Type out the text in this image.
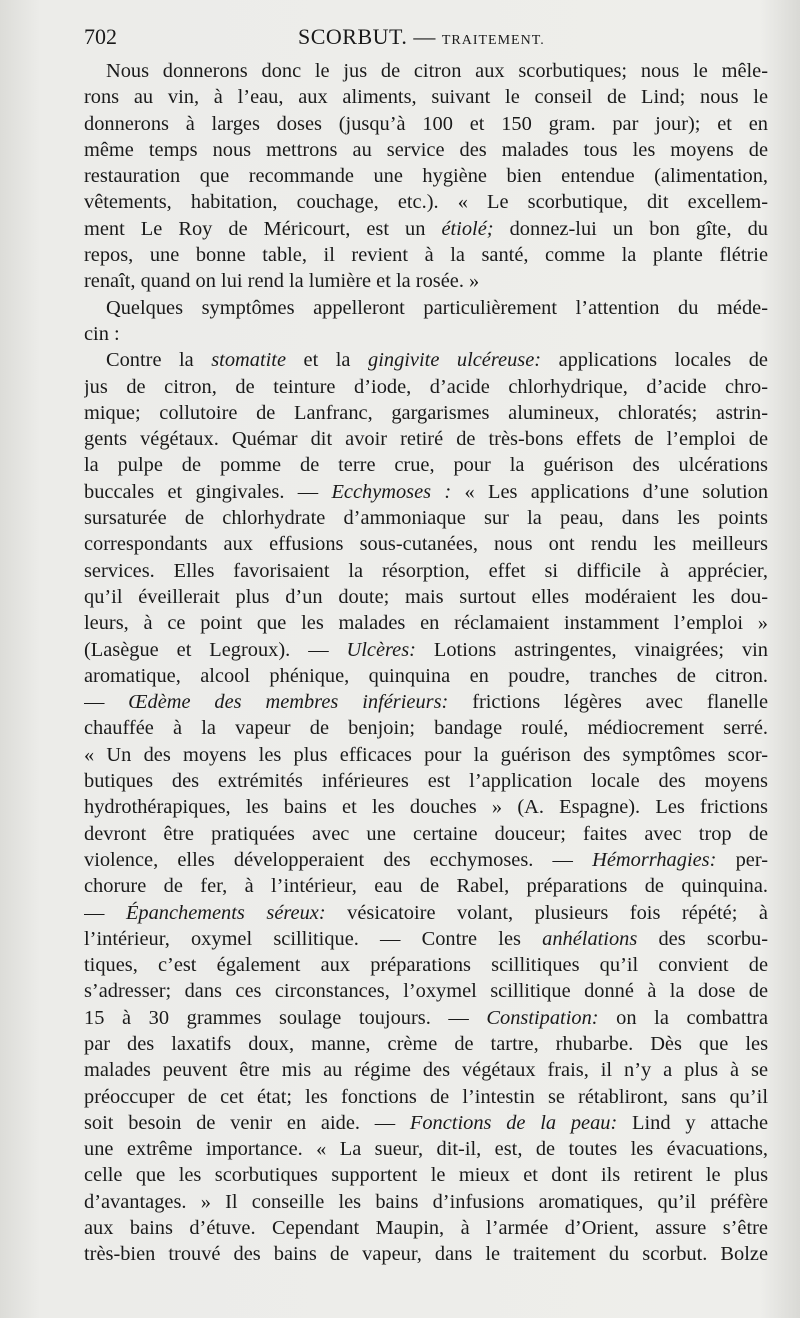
702	SCORBUT. — TRAITEMENT.
Nous donnerons donc le jus de citron aux scorbutiques; nous le mêle-
rons au vin, à l’eau, aux aliments, suivant le conseil de Lind; nous le
donnerons à larges doses (jusqu’à 100 et 150 gram. par jour); et en
même temps nous mettrons au service des malades tous les moyens de
restauration que recommande une hygiène bien entendue (alimentation,
vêtements, habitation, couchage, etc.). « Le scorbutique, dit excellem-
ment Le Roy de Méricourt, est un étiolé; donnez-lui un bon gîte, du
repos, une bonne table, il revient à la santé, comme la plante flétrie
renaît, quand on lui rend la lumière et la rosée. »
Quelques symptômes appelleront particulièrement l’attention du méde-
cin :
Contre la stomatite et la gingivite ulcéreuse: applications locales de
jus de citron, de teinture d’iode, d’acide chlorhydrique, d’acide chro-
mique; collutoire de Lanfranc, gargarismes alumineux, chloratés; astrin-
gents végétaux. Quémar dit avoir retiré de très-bons effets de l’emploi de
la pulpe de pomme de terre crue, pour la guérison des ulcérations
buccales et gingivales. — Ecchymoses : « Les applications d’une solution
sursaturée de chlorhydrate d’ammoniaque sur la peau, dans les points
correspondants aux effusions sous-cutanées, nous ont rendu les meilleurs
services. Elles favorisaient la résorption, effet si difficile à apprécier,
qu’il éveillerait plus d’un doute; mais surtout elles modéraient les dou-
leurs, à ce point que les malades en réclamaient instamment l’emploi »
(Lasègue et Legroux). — Ulcères: Lotions astringentes, vinaigrées; vin
aromatique, alcool phénique, quinquina en poudre, tranches de citron.
— Œdème des membres inférieurs: frictions légères avec flanelle
chauffée à la vapeur de benjoin; bandage roulé, médiocrement serré.
« Un des moyens les plus efficaces pour la guérison des symptômes scor-
butiques des extrémités inférieures est l’application locale des moyens
hydrothérapiques, les bains et les douches » (A. Espagne). Les frictions
devront être pratiquées avec une certaine douceur; faites avec trop de
violence, elles développeraient des ecchymoses. — Hémorrhagies: per-
chorure de fer, à l’intérieur, eau de Rabel, préparations de quinquina.
— Épanchements séreux: vésicatoire volant, plusieurs fois répété; à
l’intérieur, oxymel scillitique. — Contre les anhélations des scorbu-
tiques, c’est également aux préparations scillitiques qu’il convient de
s’adresser; dans ces circonstances, l’oxymel scillitique donné à la dose de
15 à 30 grammes soulage toujours. — Constipation: on la combattra
par des laxatifs doux, manne, crème de tartre, rhubarbe. Dès que les
malades peuvent être mis au régime des végétaux frais, il n’y a plus à se
préoccuper de cet état; les fonctions de l’intestin se rétabliront, sans qu’il
soit besoin de venir en aide. — Fonctions de la peau: Lind y attache
une extrême importance. « La sueur, dit-il, est, de toutes les évacuations,
celle que les scorbutiques supportent le mieux et dont ils retirent le plus
d’avantages. » Il conseille les bains d’infusions aromatiques, qu’il préfère
aux bains d’étuve. Cependant Maupin, à l’armée d’Orient, assure s’être
très-bien trouvé des bains de vapeur, dans le traitement du scorbut. Bolze
